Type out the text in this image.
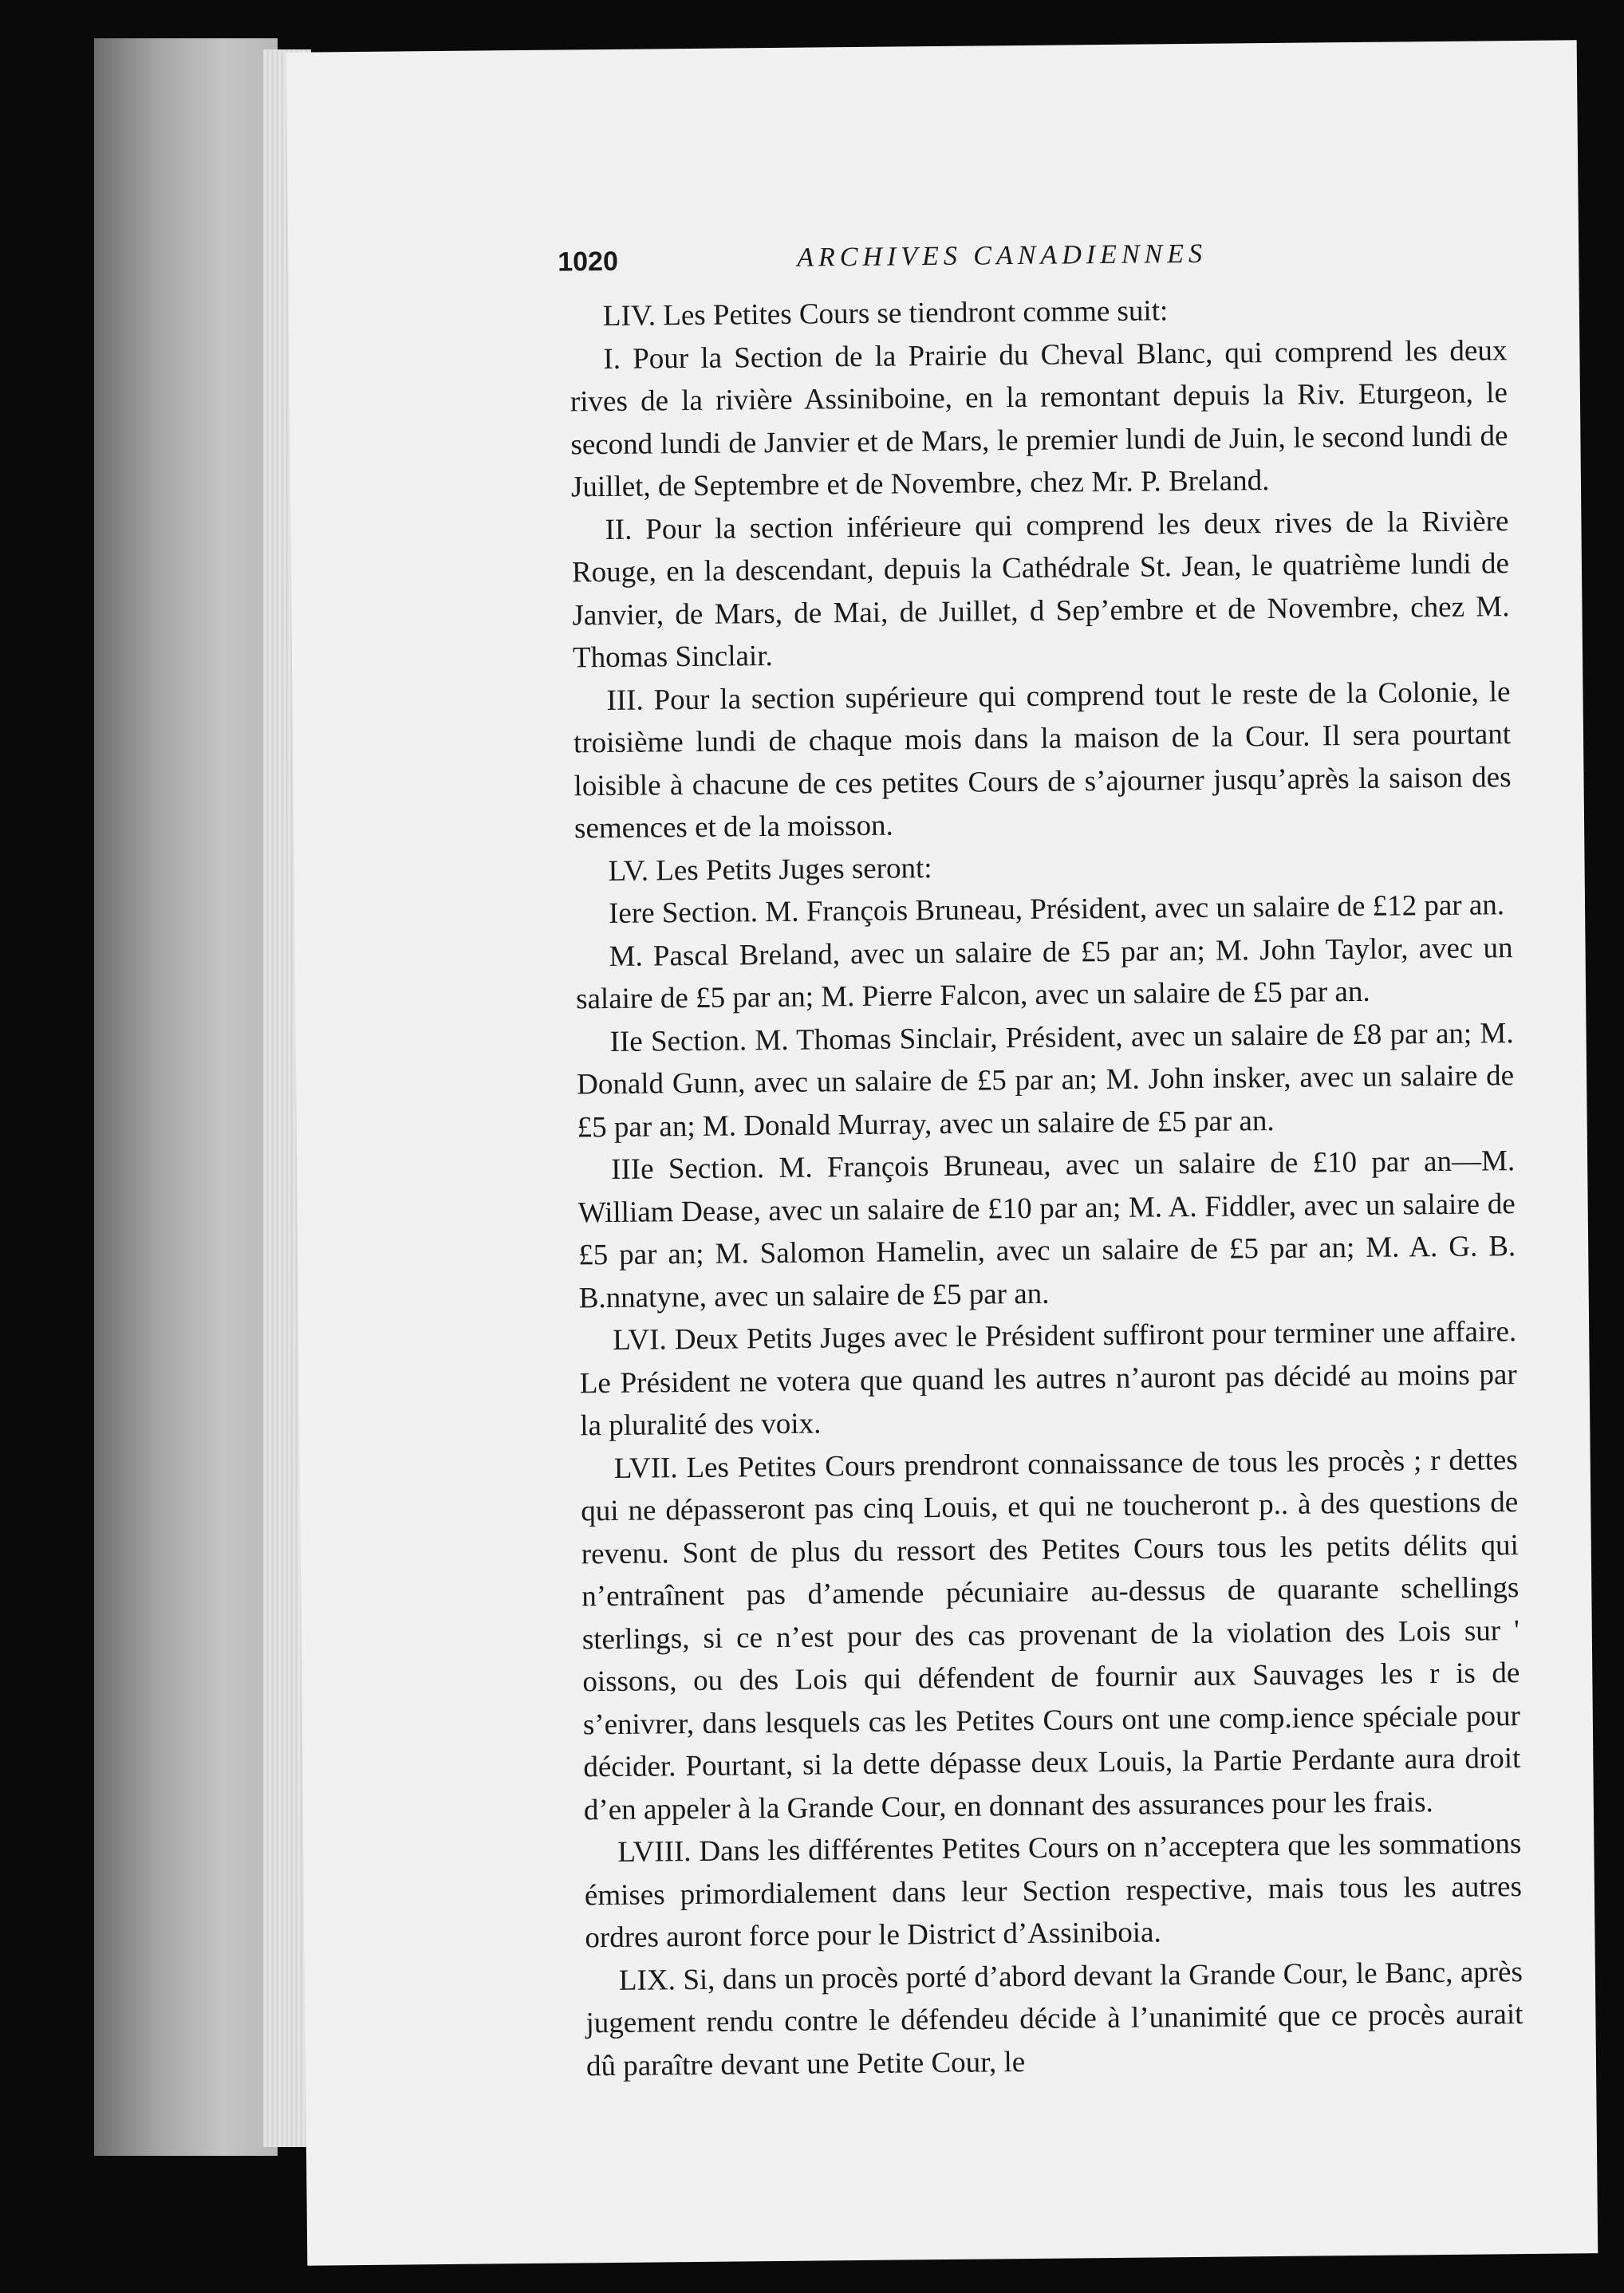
1020	ARCHIVES CANADIENNES

LIV. Les Petites Cours se tiendront comme suit:

I. Pour la Section de la Prairie du Cheval Blanc, qui comprend les deux rives de la rivière Assiniboine, en la remontant depuis la Riv. Eturgeon, le second lundi de Janvier et de Mars, le premier lundi de Juin, le second lundi de Juillet, de Septembre et de Novembre, chez Mr. P. Breland.

II. Pour la section inférieure qui comprend les deux rives de la Rivière Rouge, en la descendant, depuis la Cathédrale St. Jean, le quatrième lundi de Janvier, de Mars, de Mai, de Juillet, d Sep’embre et de Novembre, chez M. Thomas Sinclair.

III. Pour la section supérieure qui comprend tout le reste de la Colonie, le troisième lundi de chaque mois dans la maison de la Cour. Il sera pourtant loisible à chacune de ces petites Cours de s’ajourner jusqu’après la saison des semences et de la moisson.

LV. Les Petits Juges seront:

Iere Section. M. François Bruneau, Président, avec un salaire de £12 par an.

M. Pascal Breland, avec un salaire de £5 par an; M. John Taylor, avec un salaire de £5 par an; M. Pierre Falcon, avec un salaire de £5 par an.

IIe Section. M. Thomas Sinclair, Président, avec un salaire de £8 par an; M. Donald Gunn, avec un salaire de £5 par an; M. John insker, avec un salaire de £5 par an; M. Donald Murray, avec un salaire de £5 par an.

IIIe Section. M. François Bruneau, avec un salaire de £10 par an—M. William Dease, avec un salaire de £10 par an; M. A. Fiddler, avec un salaire de £5 par an; M. Salomon Hamelin, avec un salaire de £5 par an; M. A. G. B. B.nnatyne, avec un salaire de £5 par an.

LVI. Deux Petits Juges avec le Président suffiront pour terminer une affaire. Le Président ne votera que quand les autres n’auront pas décidé au moins par la pluralité des voix.

LVII. Les Petites Cours prendront connaissance de tous les procès ; r dettes qui ne dépasseront pas cinq Louis, et qui ne toucheront p.. à des questions de revenu. Sont de plus du ressort des Petites Cours tous les petits délits qui n’entraînent pas d’amende pécuniaire au-dessus de quarante schellings sterlings, si ce n’est pour des cas provenant de la violation des Lois sur ' oissons, ou des Lois qui défendent de fournir aux Sauvages les r is de s’enivrer, dans lesquels cas les Petites Cours ont une comp.ience spéciale pour décider. Pourtant, si la dette dépasse deux Louis, la Partie Perdante aura droit d’en appeler à la Grande Cour, en donnant des assurances pour les frais.

LVIII. Dans les différentes Petites Cours on n’acceptera que les sommations émises primordialement dans leur Section respective, mais tous les autres ordres auront force pour le District d’Assiniboia.

LIX. Si, dans un procès porté d’abord devant la Grande Cour, le Banc, après jugement rendu contre le défendeu décide à l’unanimité que ce procès aurait dû paraître devant une Petite Cour, le
